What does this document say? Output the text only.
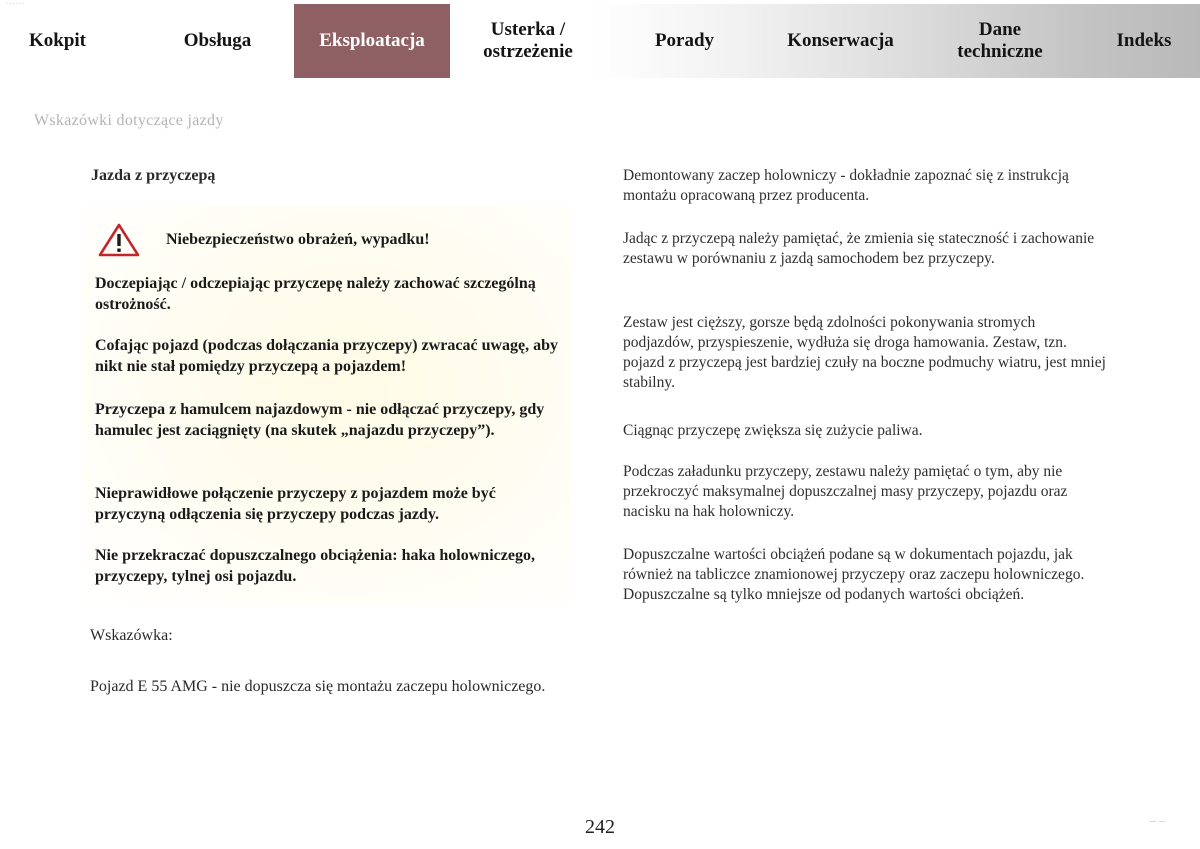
......
Kokpit	Obsługa	Eksploatacja
Usterka /
ostrzeżenie
Porady	Konserwacja
Dane
techniczne
Indeks
Wskazówki dotyczące jazdy
Jazda z przyczepą
Niebezpieczeństwo obrażeń, wypadku!

Doczepiając / odczepiając przyczepę należy zachować szczególną ostrożność.

Cofając pojazd (podczas dołączania przyczepy) zwracać uwagę, aby nikt nie stał pomiędzy przyczepą a pojazdem!

Przyczepa z hamulcem najazdowym - nie odłączać przyczepy, gdy hamulec jest zaciągnięty (na skutek „najazdu przyczepy”).

Nieprawidłowe połączenie przyczepy z pojazdem może być przyczyną odłączenia się przyczepy podczas jazdy.

Nie przekraczać dopuszczalnego obciążenia: haka holowniczego, przyczepy, tylnej osi pojazdu.

Wskazówka:

Pojazd E 55 AMG - nie dopuszcza się montażu zaczepu holowniczego.

Demontowany zaczep holowniczy - dokładnie zapoznać się z instrukcją montażu opracowaną przez producenta.

Jadąc z przyczepą należy pamiętać, że zmienia się stateczność i zachowanie zestawu w porównaniu z jazdą samochodem bez przyczepy.

Zestaw jest cięższy, gorsze będą zdolności pokonywania stromych podjazdów, przyspieszenie, wydłuża się droga hamowania. Zestaw, tzn. pojazd z przyczepą jest bardziej czuły na boczne podmuchy wiatru, jest mniej stabilny.

Ciągnąc przyczepę zwiększa się zużycie paliwa.

Podczas załadunku przyczepy, zestawu należy pamiętać o tym, aby nie przekroczyć maksymalnej dopuszczalnej masy przyczepy, pojazdu oraz nacisku na hak holowniczy.

Dopuszczalne wartości obciążeń podane są w dokumentach pojazdu, jak również na tabliczce znamionowej przyczepy oraz zaczepu holowniczego. Dopuszczalne są tylko mniejsze od podanych wartości obciążeń.

242	– –
